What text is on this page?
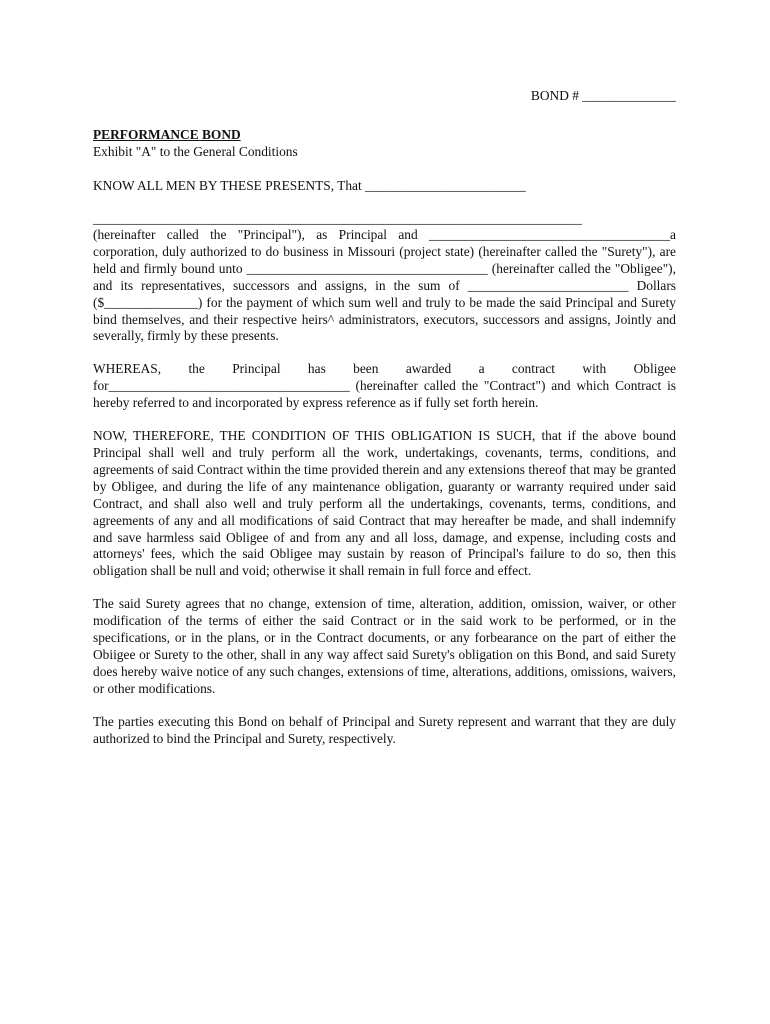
BOND # ______________

PERFORMANCE BOND

Exhibit "A" to the General Conditions

KNOW ALL MEN BY THESE PRESENTS, That ________________________

_________________________________________________________________________

(hereinafter called the "Principal"), as Principal and ____________________________________a corporation, duly authorized to do business in Missouri (project state) (hereinafter called the "Surety"), are held and firmly bound unto ____________________________________ (hereinafter called the "Obligee"), and its representatives, successors and assigns, in the sum of ________________________ Dollars ($______________) for the payment of which sum well and truly to be made the said Principal and Surety bind themselves, and their respective heirs^ administrators, executors, successors and assigns, Jointly and severally, firmly by these presents.

WHEREAS, the Principal has been awarded a contract with Obligee for____________________________________ (hereinafter called the "Contract") and which Contract is hereby referred to and incorporated by express reference as if fully set forth herein.

NOW, THEREFORE, THE CONDITION OF THIS OBLIGATION IS SUCH, that if the above bound Principal shall well and truly perform all the work, undertakings, covenants, terms, conditions, and agreements of said Contract within the time provided therein and any extensions thereof that may be granted by Obligee, and during the life of any maintenance obligation, guaranty or warranty required under said Contract, and shall also well and truly perform all the undertakings, covenants, terms, conditions, and agreements of any and all modifications of said Contract that may hereafter be made, and shall indemnify and save harmless said Obligee of and from any and all loss, damage, and expense, including costs and attorneys' fees, which the said Obligee may sustain by reason of Principal's failure to do so, then this obligation shall be null and void; otherwise it shall remain in full force and effect.

The said Surety agrees that no change, extension of time, alteration, addition, omission, waiver, or other modification of the terms of either the said Contract or in the said work to be performed, or in the specifications, or in the plans, or in the Contract documents, or any forbearance on the part of either the Obiigee or Surety to the other, shall in any way affect said Surety's obligation on this Bond, and said Surety does hereby waive notice of any such changes, extensions of time, alterations, additions, omissions, waivers, or other modifications.

The parties executing this Bond on behalf of Principal and Surety represent and warrant that they are duly authorized to bind the Principal and Surety, respectively.
